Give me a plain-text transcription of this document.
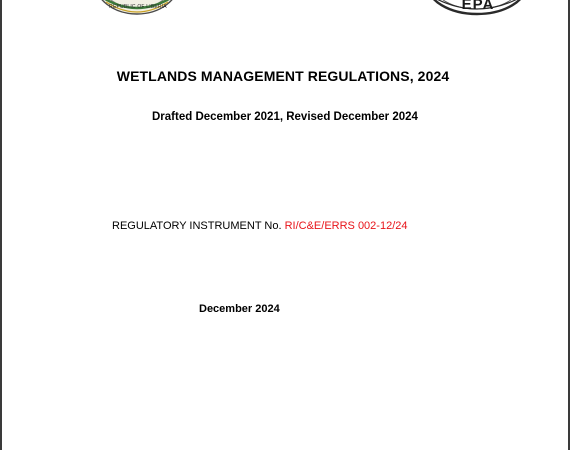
REPUBLIC OF LIBERIA	EPA
WETLANDS MANAGEMENT REGULATIONS, 2024
Drafted December 2021, Revised December 2024
REGULATORY INSTRUMENT No. RI/C&E/ERRS 002-12/24
December 2024
